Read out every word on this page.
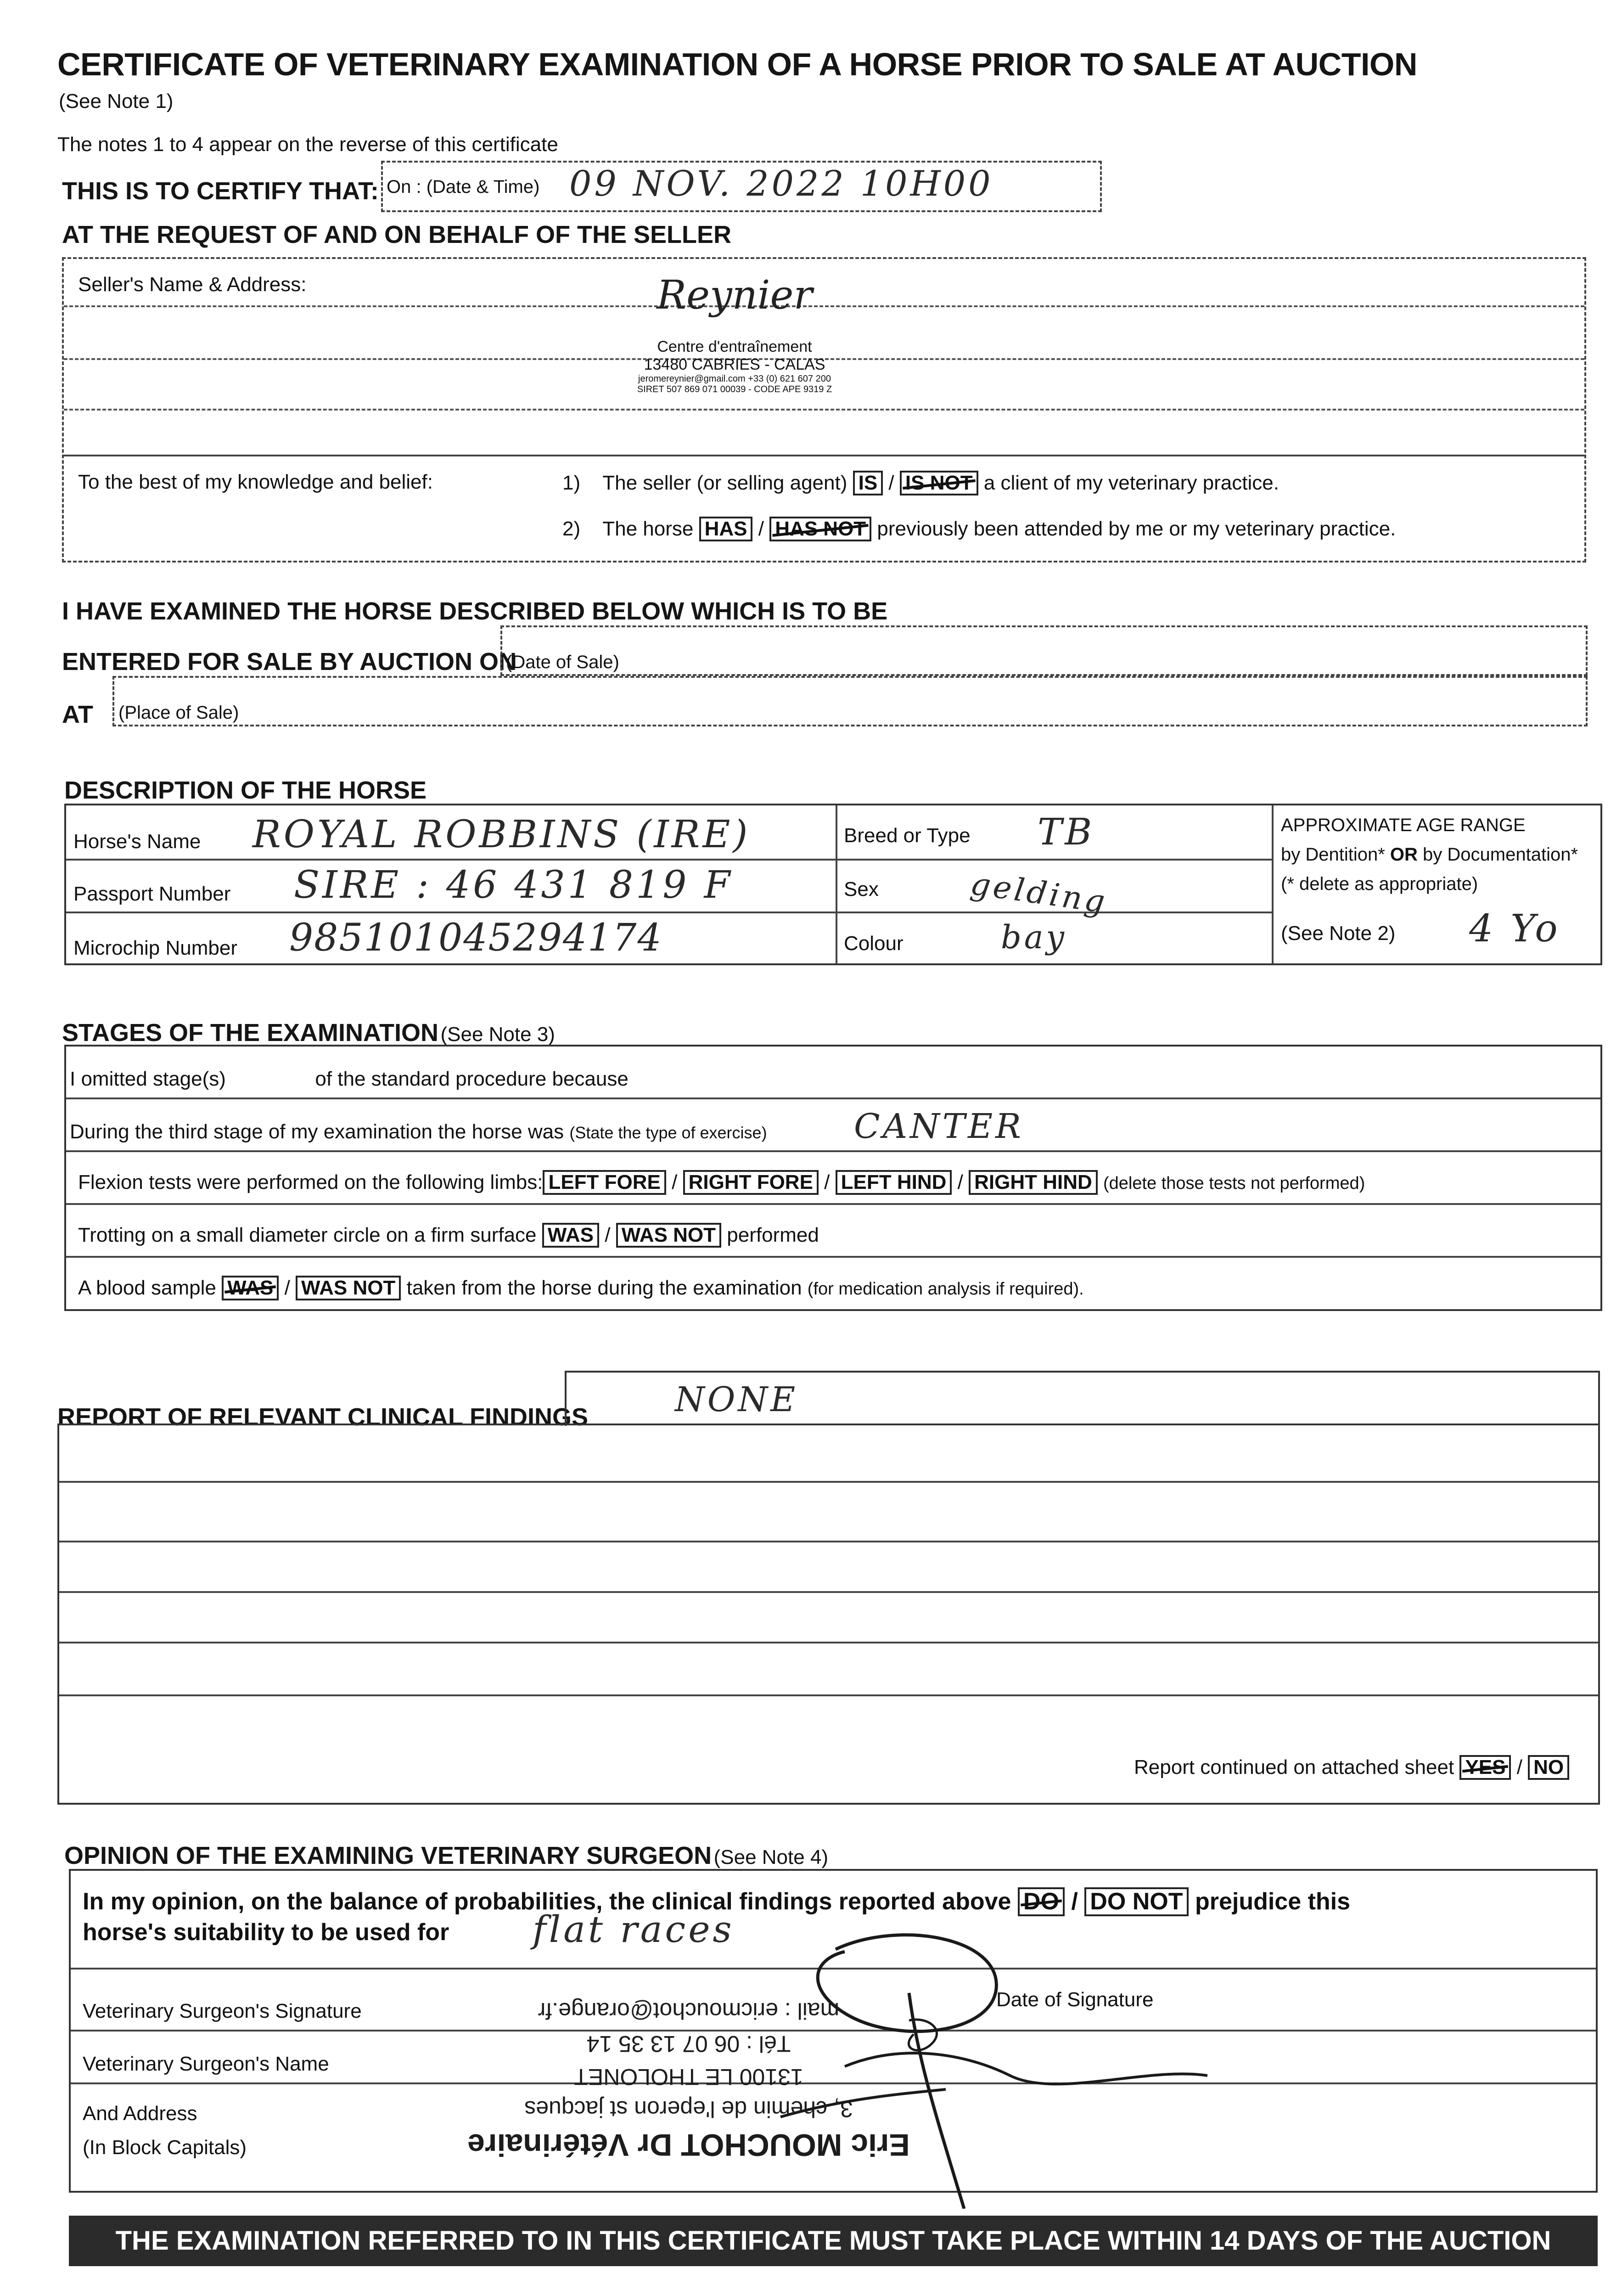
CERTIFICATE OF VETERINARY EXAMINATION OF A HORSE PRIOR TO SALE AT AUCTION
(See Note 1)
The notes 1 to 4 appear on the reverse of this certificate
THIS IS TO CERTIFY THAT: On : (Date & Time) 09 NOV. 2022 10H00
AT THE REQUEST OF AND ON BEHALF OF THE SELLER
Seller's Name & Address:	Reynier
Centre d'entraînement
13480 CABRIES - CALAS
jeromereynier@gmail.com +33 (0) 621 607 200
SIRET 507 869 071 00039 - CODE APE 9319 Z
To the best of my knowledge and belief:	1) The seller (or selling agent) IS / IS NOT a client of my veterinary practice.
2) The horse HAS / HAS NOT previously been attended by me or my veterinary practice.
I HAVE EXAMINED THE HORSE DESCRIBED BELOW WHICH IS TO BE
ENTERED FOR SALE BY AUCTION ON
(Date of Sale)
AT (Place of Sale)
DESCRIPTION OF THE HORSE
Horse's Name ROYAL ROBBINS (IRE)
Passport Number SIRE : 46 431 819 F
Microchip Number 985101045294174
Breed or Type TB
Sex	gelding
Colour	bay
APPROXIMATE AGE RANGE
by Dentition* OR by Documentation*
(* delete as appropriate)
(See Note 2) 4 Yo
STAGES OF THE EXAMINATION (See Note 3)
I omitted stage(s)	of the standard procedure because
During the third stage of my examination the horse was (State the type of exercise)	CANTER
Flexion tests were performed on the following limbs: LEFT FORE / RIGHT FORE / LEFT HIND / RIGHT HIND (delete those tests not performed)
Trotting on a small diameter circle on a firm surface WAS / WAS NOT performed
A blood sample WAS / WAS NOT taken from the horse during the examination (for medication analysis if required).
REPORT OF RELEVANT CLINICAL FINDINGS	NONE
Report continued on attached sheet YES / NO
OPINION OF THE EXAMINING VETERINARY SURGEON (See Note 4)
In my opinion, on the balance of probabilities, the clinical findings reported above DO / DO NOT prejudice this
horse's suitability to be used for flat races
Veterinary Surgeon's Signature
Date of Signature
Veterinary Surgeon's Name
And Address
(In Block Capitals)	Eric MOUCHOT Dr Vétérinaire
3, chemin de l'eperon st jacques
13100 LE THOLONET
Tél : 06 07 13 35 14
mail : ericmouchot@orange.fr
THE EXAMINATION REFERRED TO IN THIS CERTIFICATE MUST TAKE PLACE WITHIN 14 DAYS OF THE AUCTION
